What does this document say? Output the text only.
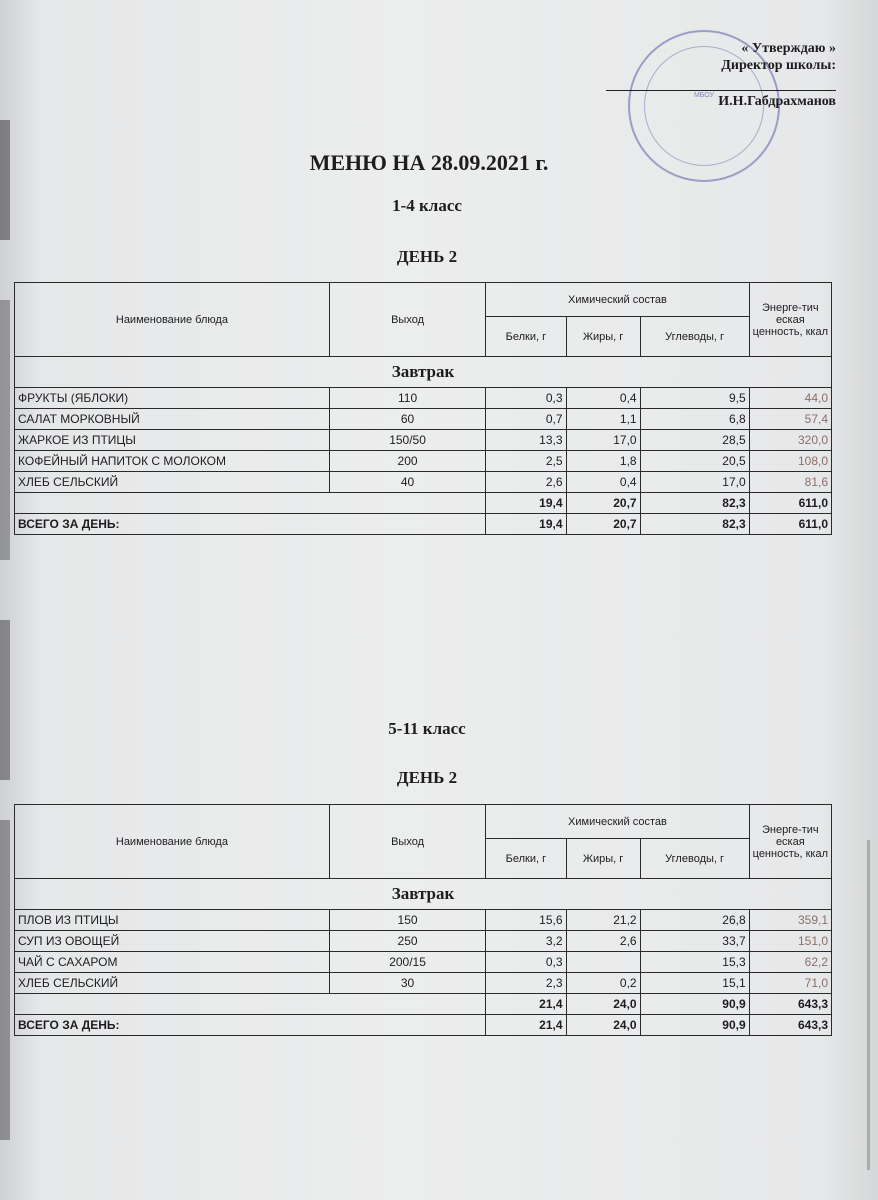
МБОУ
« Утверждаю »
Директор школы:
И.Н.Габдрахманов
МЕНЮ НА 28.09.2021 г.
1-4 класс
ДЕНЬ 2
Наименование блюда	Выход	Химический состав			Энерге-тич еская ценность, ккал
		Белки, г	Жиры, г	Углеводы, г	
Завтрак					
ФРУКТЫ (ЯБЛОКИ)	110	0,3	0,4	9,5	44,0
САЛАТ МОРКОВНЫЙ	60	0,7	1,1	6,8	57,4
ЖАРКОЕ ИЗ ПТИЦЫ	150/50	13,3	17,0	28,5	320,0
КОФЕЙНЫЙ НАПИТОК С МОЛОКОМ	200	2,5	1,8	20,5	108,0
ХЛЕБ СЕЛЬСКИЙ	40	2,6	0,4	17,0	81,6
		19,4	20,7	82,3	611,0
ВСЕГО ЗА ДЕНЬ:		19,4	20,7	82,3	611,0
5-11 класс
ДЕНЬ 2
Наименование блюда	Выход	Химический состав			Энерге-тич еская ценность, ккал
		Белки, г	Жиры, г	Углеводы, г	
Завтрак					
ПЛОВ ИЗ ПТИЦЫ	150	15,6	21,2	26,8	359,1
СУП ИЗ ОВОЩЕЙ	250	3,2	2,6	33,7	151,0
ЧАЙ С САХАРОМ	200/15	0,3		15,3	62,2
ХЛЕБ СЕЛЬСКИЙ	30	2,3	0,2	15,1	71,0
		21,4	24,0	90,9	643,3
ВСЕГО ЗА ДЕНЬ:		21,4	24,0	90,9	643,3
